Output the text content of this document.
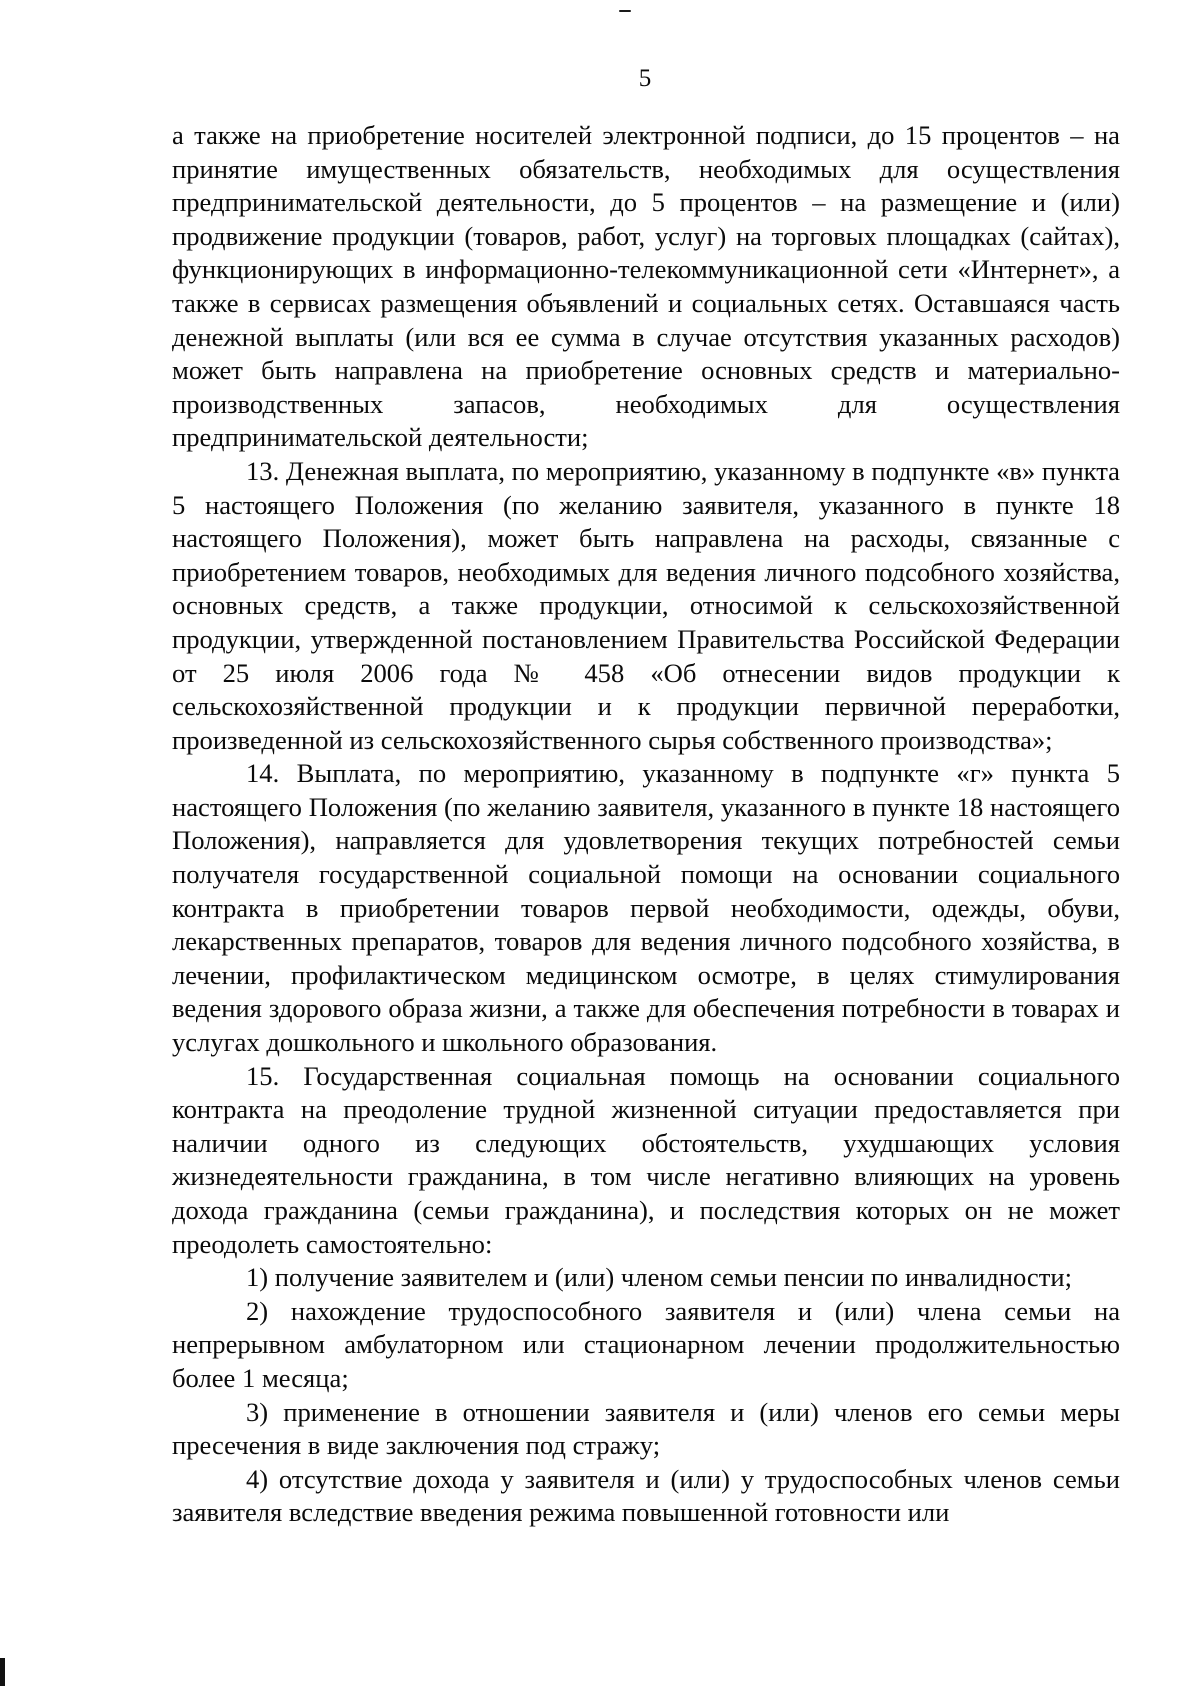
5

а также на приобретение носителей электронной подписи, до 15 процентов – на принятие имущественных обязательств, необходимых для осуществления предпринимательской деятельности, до 5 процентов – на размещение и (или) продвижение продукции (товаров, работ, услуг) на торговых площадках (сайтах), функционирующих в информационно-телекоммуникационной сети «Интернет», а также в сервисах размещения объявлений и социальных сетях. Оставшаяся часть денежной выплаты (или вся ее сумма в случае отсутствия указанных расходов) может быть направлена на приобретение основных средств и материально-производственных запасов, необходимых для осуществления предпринимательской деятельности;

13. Денежная выплата, по мероприятию, указанному в подпункте «в» пункта 5 настоящего Положения (по желанию заявителя, указанного в пункте 18 настоящего Положения), может быть направлена на расходы, связанные с приобретением товаров, необходимых для ведения личного подсобного хозяйства, основных средств, а также продукции, относимой к сельскохозяйственной продукции, утвержденной постановлением Правительства Российской Федерации от 25 июля 2006 года № 458 «Об отнесении видов продукции к сельскохозяйственной продукции и к продукции первичной переработки, произведенной из сельскохозяйственного сырья собственного производства»;

14. Выплата, по мероприятию, указанному в подпункте «г» пункта 5 настоящего Положения (по желанию заявителя, указанного в пункте 18 настоящего Положения), направляется для удовлетворения текущих потребностей семьи получателя государственной социальной помощи на основании социального контракта в приобретении товаров первой необходимости, одежды, обуви, лекарственных препаратов, товаров для ведения личного подсобного хозяйства, в лечении, профилактическом медицинском осмотре, в целях стимулирования ведения здорового образа жизни, а также для обеспечения потребности в товарах и услугах дошкольного и школьного образования.

15. Государственная социальная помощь на основании социального контракта на преодоление трудной жизненной ситуации предоставляется при наличии одного из следующих обстоятельств, ухудшающих условия жизнедеятельности гражданина, в том числе негативно влияющих на уровень дохода гражданина (семьи гражданина), и последствия которых он не может преодолеть самостоятельно:

1) получение заявителем и (или) членом семьи пенсии по инвалидности;

2) нахождение трудоспособного заявителя и (или) члена семьи на непрерывном амбулаторном или стационарном лечении продолжительностью более 1 месяца;

3) применение в отношении заявителя и (или) членов его семьи меры пресечения в виде заключения под стражу;

4) отсутствие дохода у заявителя и (или) у трудоспособных членов семьи заявителя вследствие введения режима повышенной готовности или
